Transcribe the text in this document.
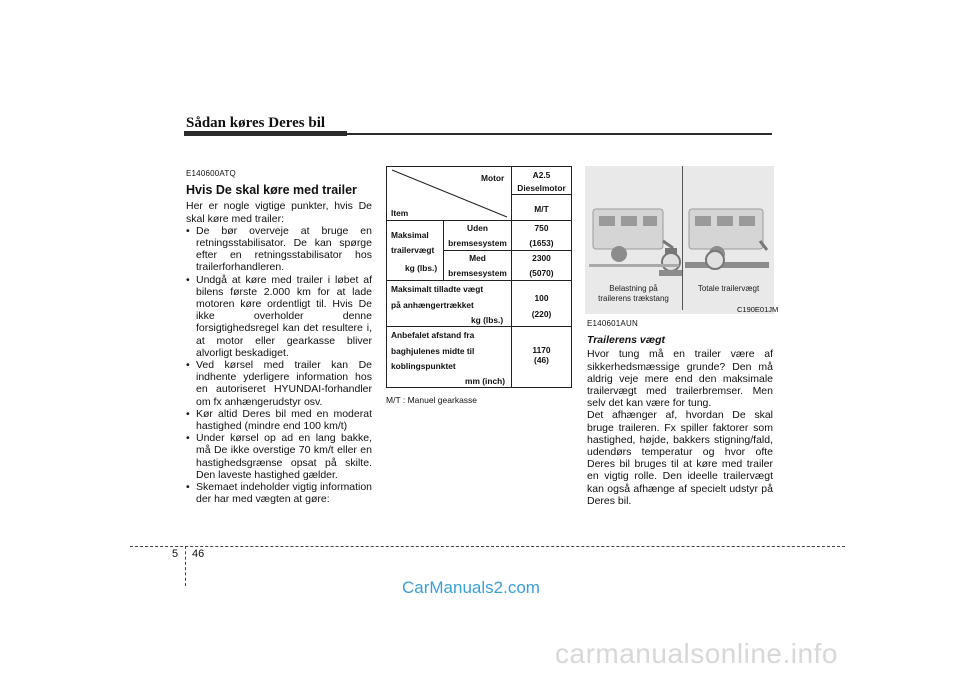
Sådan køres Deres bil
E140600ATQ
Hvis De skal køre med trailer
Her er nogle vigtige punkter, hvis De skal køre med trailer:
• De bør overveje at bruge en retningsstabilisator. De kan spørge efter en retningsstabilisator hos trailerforhandleren.
• Undgå at køre med trailer i løbet af bilens første 2.000 km for at lade motoren køre ordentligt til. Hvis De ikke overholder denne forsigtighedsregel kan det resultere i, at motor eller gearkasse bliver alvorligt beskadiget.
• Ved kørsel med trailer kan De indhente yderligere information hos en autoriseret HYUNDAI-forhandler om fx anhængerudstyr osv.
• Kør altid Deres bil med en moderat hastighed (mindre end 100 km/t)
• Under kørsel op ad en lang bakke, må De ikke overstige 70 km/t eller en hastighedsgrænse opsat på skilte. Den laveste hastighed gælder.
• Skemaet indeholder vigtig information der har med vægten at gøre:
Motor
Item
A2.5
Dieselmotor
M/T
Maksimal
trailervægt
kg (lbs.)
Uden
bremsesystem
750
(1653)
Med
bremsesystem
2300
(5070)
Maksimalt tilladte vægt
på anhængertrækket
kg (lbs.)
100
(220)
Anbefalet afstand fra
baghjulenes midte til
koblingspunktet
mm (inch)
1170
(46)
M/T : Manuel gearkasse
Belastning på
trailerens trækstang
Totale trailervægt
C190E01JM
E140601AUN
Trailerens vægt
Hvor tung må en trailer være af sikkerhedsmæssige grunde? Den må aldrig veje mere end den maksimale trailervægt med trailerbremser. Men selv det kan være for tung.
Det afhænger af, hvordan De skal bruge traileren. Fx spiller faktorer som hastighed, højde, bakkers stigning/fald, udendørs temperatur og hvor ofte Deres bil bruges til at køre med trailer en vigtig rolle. Den ideelle trailervægt kan også afhænge af specielt udstyr på Deres bil.
5 46
CarManuals2.com
carmanualsonline.info
